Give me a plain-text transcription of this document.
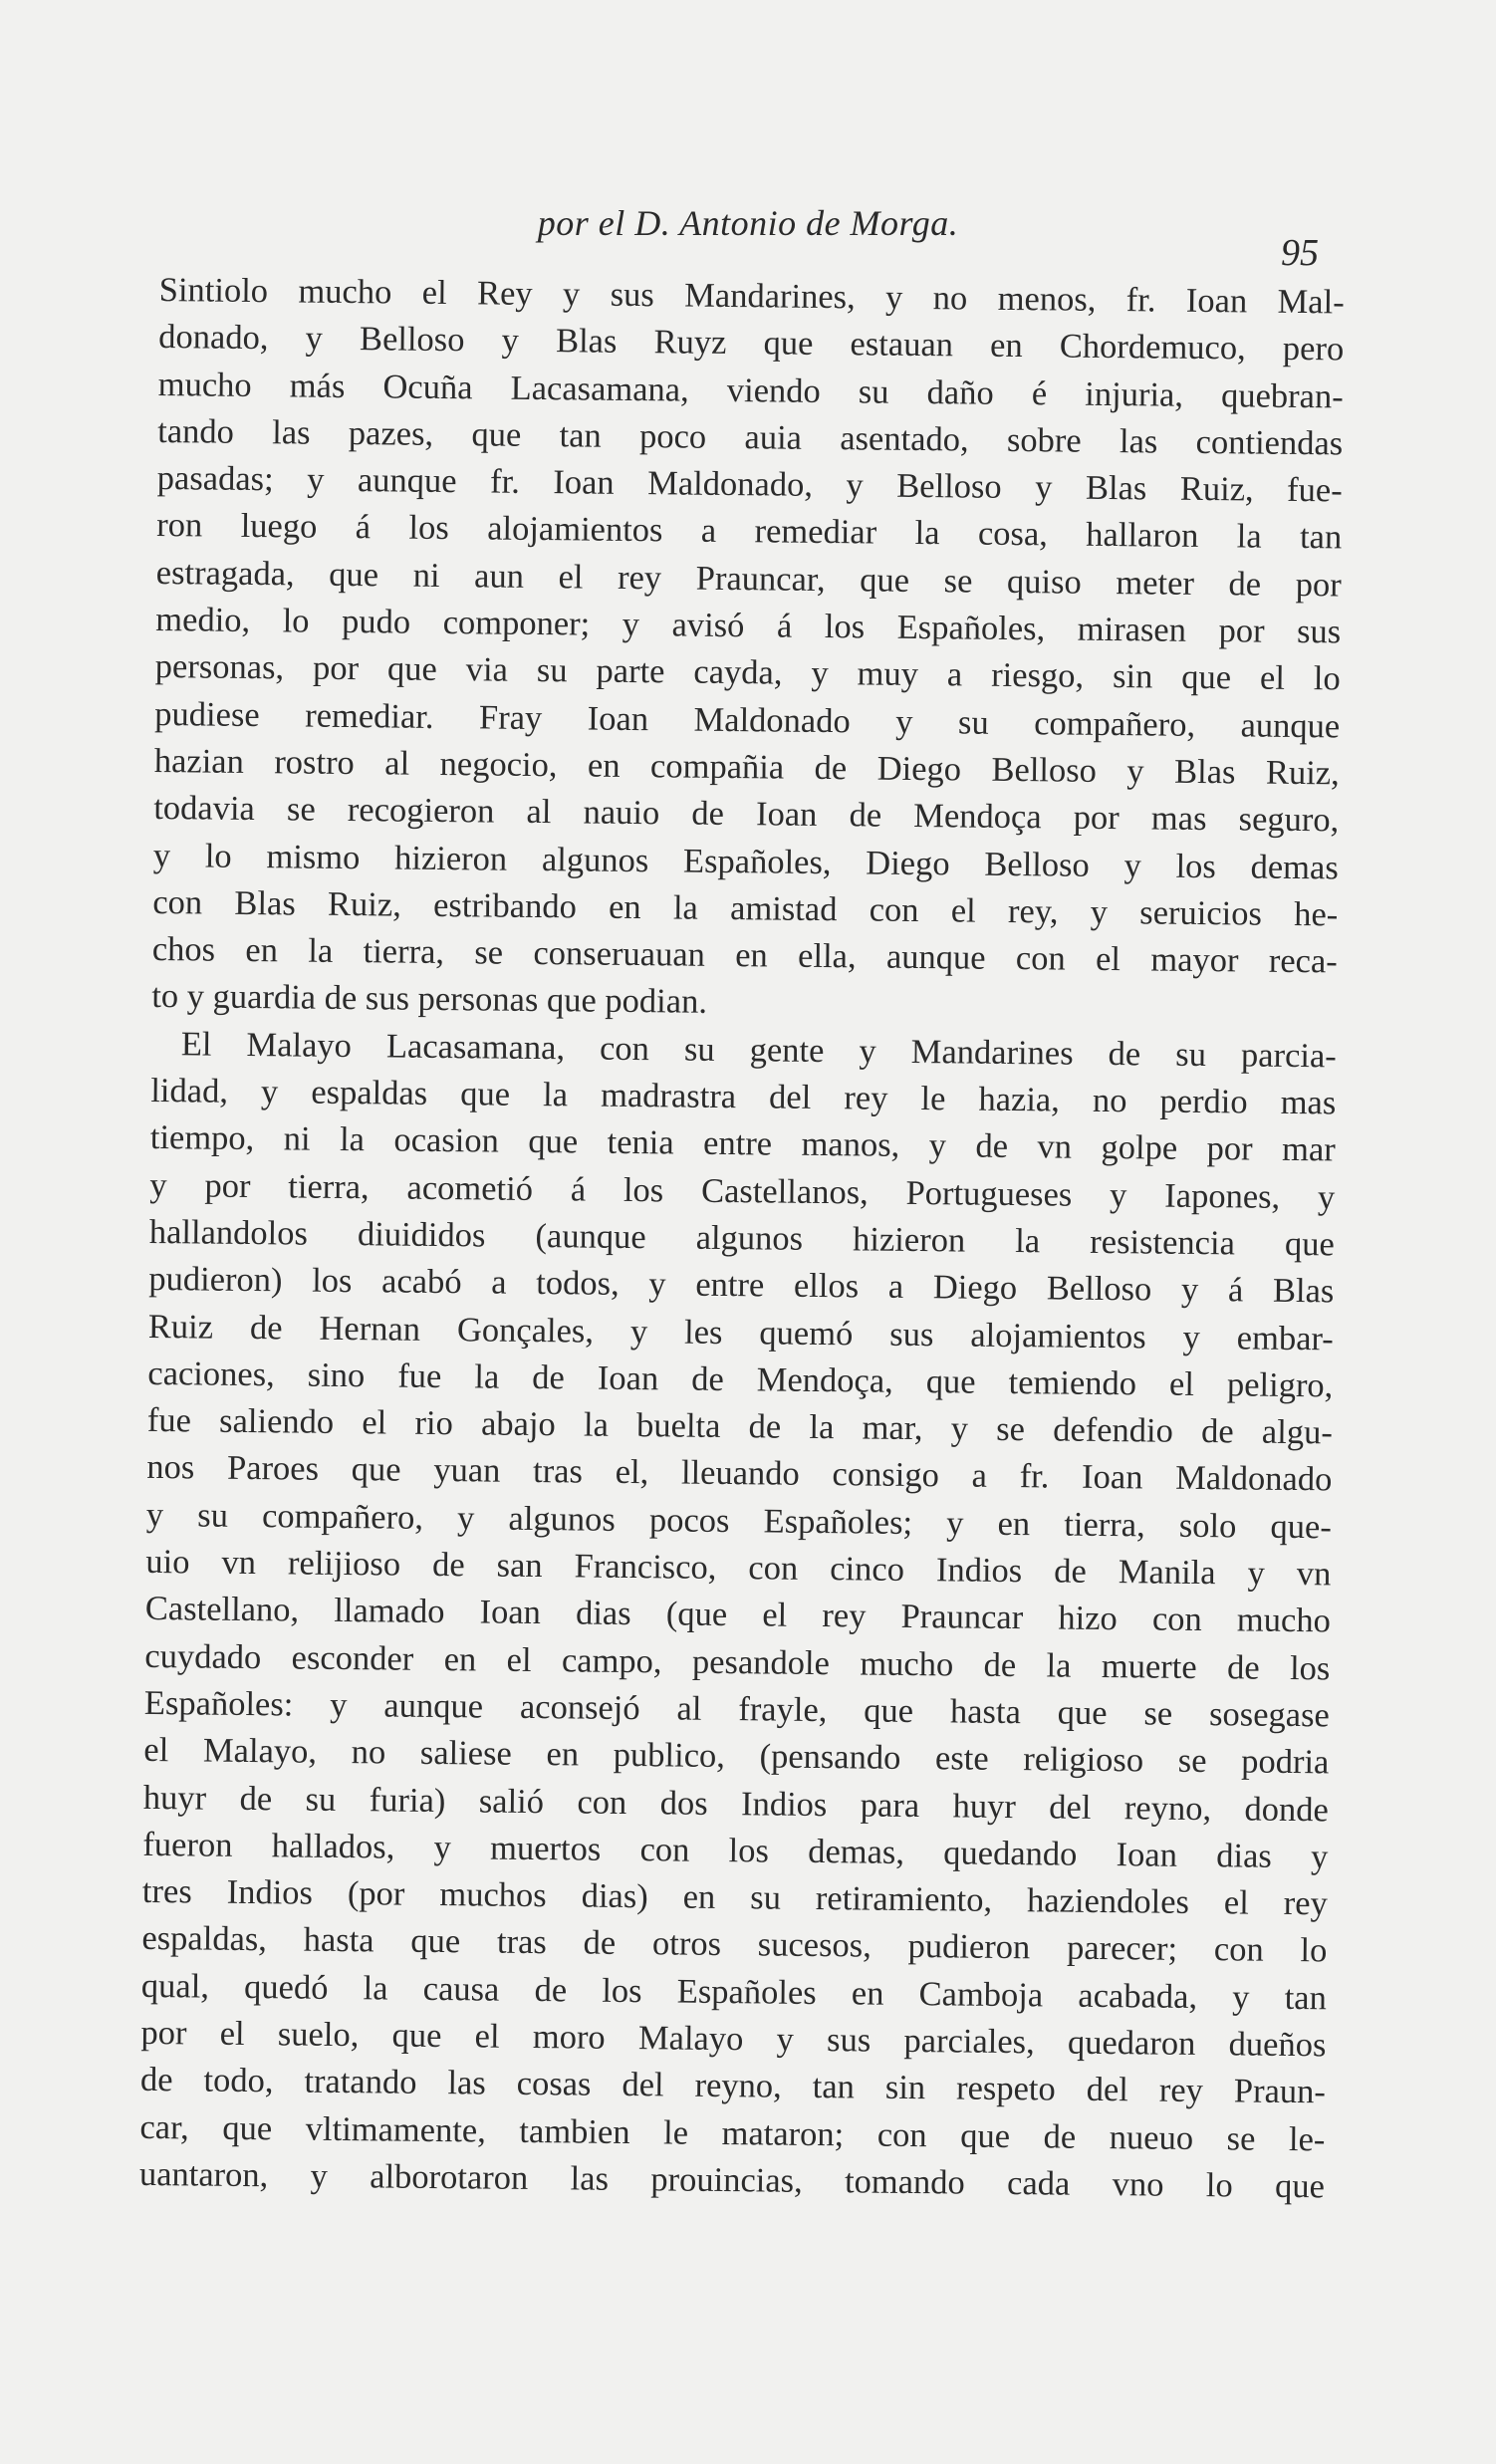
por el D. Antonio de Morga.
95
Sintiolo mucho el Rey y sus Mandarines, y no menos, fr. Ioan Mal-
donado, y Belloso y Blas Ruyz que estauan en Chordemuco, pero
mucho más Ocuña Lacasamana, viendo su daño é injuria, quebran-
tando las pazes, que tan poco auia asentado, sobre las contiendas
pasadas; y aunque fr. Ioan Maldonado, y Belloso y Blas Ruiz, fue-
ron luego á los alojamientos a remediar la cosa, hallaron la tan
estragada, que ni aun el rey Prauncar, que se quiso meter de por
medio, lo pudo componer; y avisó á los Españoles, mirasen por sus
personas, por que via su parte cayda, y muy a riesgo, sin que el lo
pudiese remediar. Fray Ioan Maldonado y su compañero, aunque
hazian rostro al negocio, en compañia de Diego Belloso y Blas Ruiz,
todavia se recogieron al nauio de Ioan de Mendoça por mas seguro,
y lo mismo hizieron algunos Españoles, Diego Belloso y los demas
con Blas Ruiz, estribando en la amistad con el rey, y seruicios he-
chos en la tierra, se conseruauan en ella, aunque con el mayor reca-
to y guardia de sus personas que podian.
El Malayo Lacasamana, con su gente y Mandarines de su parcia-
lidad, y espaldas que la madrastra del rey le hazia, no perdio mas
tiempo, ni la ocasion que tenia entre manos, y de vn golpe por mar
y por tierra, acometió á los Castellanos, Portugueses y Iapones, y
hallandolos diuididos (aunque algunos hizieron la resistencia que
pudieron) los acabó a todos, y entre ellos a Diego Belloso y á Blas
Ruiz de Hernan Gonçales, y les quemó sus alojamientos y embar-
caciones, sino fue la de Ioan de Mendoça, que temiendo el peligro,
fue saliendo el rio abajo la buelta de la mar, y se defendio de algu-
nos Paroes que yuan tras el, lleuando consigo a fr. Ioan Maldonado
y su compañero, y algunos pocos Españoles; y en tierra, solo que-
uio vn relijioso de san Francisco, con cinco Indios de Manila y vn
Castellano, llamado Ioan dias (que el rey Prauncar hizo con mucho
cuydado esconder en el campo, pesandole mucho de la muerte de los
Españoles: y aunque aconsejó al frayle, que hasta que se sosegase
el Malayo, no saliese en publico, (pensando este religioso se podria
huyr de su furia) salió con dos Indios para huyr del reyno, donde
fueron hallados, y muertos con los demas, quedando Ioan dias y
tres Indios (por muchos dias) en su retiramiento, haziendoles el rey
espaldas, hasta que tras de otros sucesos, pudieron parecer; con lo
qual, quedó la causa de los Españoles en Camboja acabada, y tan
por el suelo, que el moro Malayo y sus parciales, quedaron dueños
de todo, tratando las cosas del reyno, tan sin respeto del rey Praun-
car, que vltimamente, tambien le mataron; con que de nueuo se le-
uantaron, y alborotaron las prouincias, tomando cada vno lo que
